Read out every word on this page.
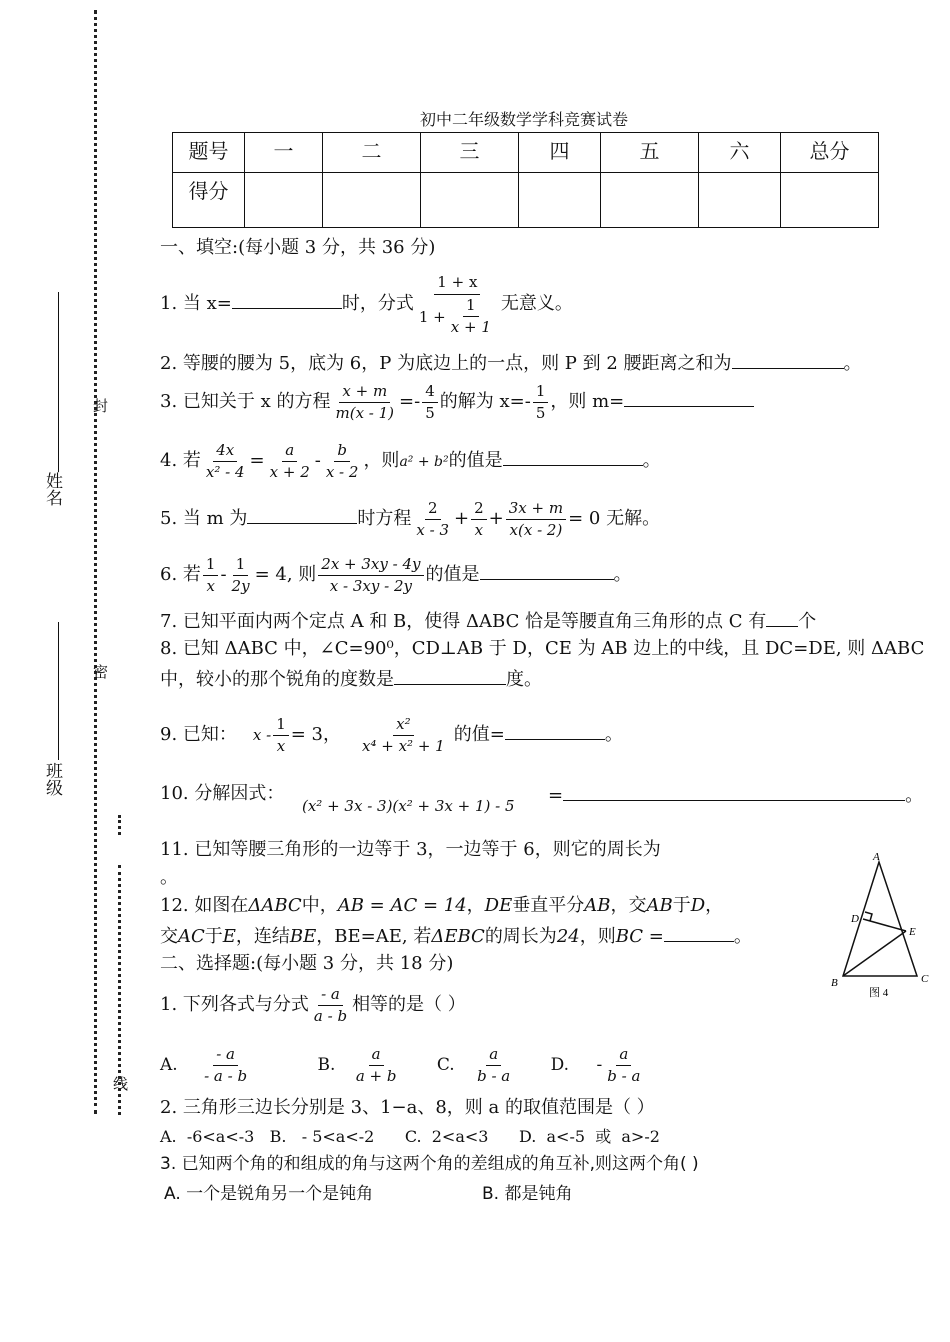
姓名
班级
封
密
线
初中二年级数学学科竞赛试卷
题号	一	二	三	四	五	六	总分
得分							
一、填空:(每小题 3 分，共 36 分)
1. 当 x=	时，分式 $\frac{1 + x}{1 + \frac{1}{x + 1}}$ 无意义。
2. 等腰的腰为 5，底为 6，P 为底边上的一点，则 P 到 2 腰距离之和为	。
3. 已知关于 x 的方程 $\frac{x + m}{m(x - 1)} =- \frac{4}{5}$ 的解为 $x=- \frac{1}{5}$ ，则 m=
4. 若 $\frac{4x}{\text{x² - 4}} = \frac{a}{x + 2} - \frac{b}{x - 2}$ ，则a² + b²的值是	。
5. 当 m 为	时方程 $\frac{2}{x - 3} + \frac{2}{x} + \frac{3x + m}{x(x - 2)} = 0$ 无解。
6. 若 $\frac{1}{x} - \frac{1}{2y} = 4$, 则 $\frac{2x + 3xy - 4y}{x - 3xy - 2y}$ 的值是	。
7. 已知平面内两个定点 A 和 B，使得 ΔABC 恰是等腰直角三角形的点 C 有 个
8. 已知 ΔABC 中，∠C=90⁰，CD⊥AB 于 D，CE 为 AB 边上的中线，且 DC=DE, 则 ΔABC
中，较小的那个锐角的度数是	度。
9. 已知： $x - \frac{1}{x} = 3$， $\frac{\text{x²}}{\text{x⁴ + x² + 1}}$ 的值=	。
10. 分解因式：
(x² + 3x - 3)(x² + 3x + 1) - 5 =	。
11. 已知等腰三角形的一边等于 3，一边等于 6，则它的周长为
。
12. 如图在ΔABC中，AB = AC = 14，DE垂直平分AB，交AB于D，
交AC于E，连结BE，BE=AE, 若ΔEBC的周长为24，则BC =	。
A
D
E
B	C
图 4
二、选择题:(每小题 3 分，共 18 分)
1. 下列各式与分式 $\frac{- a}{a - b}$ 相等的是（ ）
A. $\frac{- a}{- a - b}$	B. $\frac{a}{a + b} C$. $\frac{a}{b - a} D$. - $\frac{a}{b - a}$
2. 三角形三边长分别是 3、1−a、8，则 a 的取值范围是（ ）
A.  -6<a<-3   B.   - 5<a<-2      C.  2<a<3      D.  a<-5  或  a>-2
3. 已知两个角的和组成的角与这两个角的差组成的角互补,则这两个角( )
A. 一个是锐角另一个是钝角	B. 都是钝角
